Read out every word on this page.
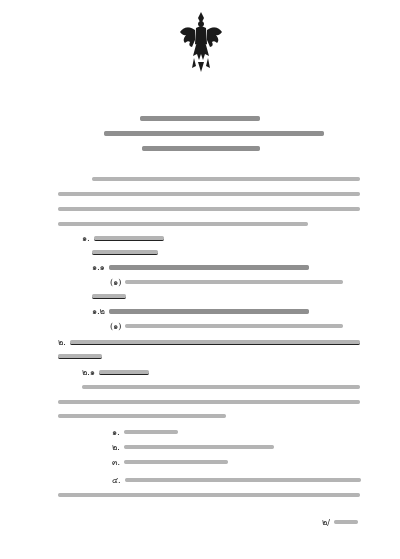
๑.
๑.๑
(๑)
๑.๒
(๑)
๒.
๒.๑
๑.
๒.
๓.
๔.
๒/
